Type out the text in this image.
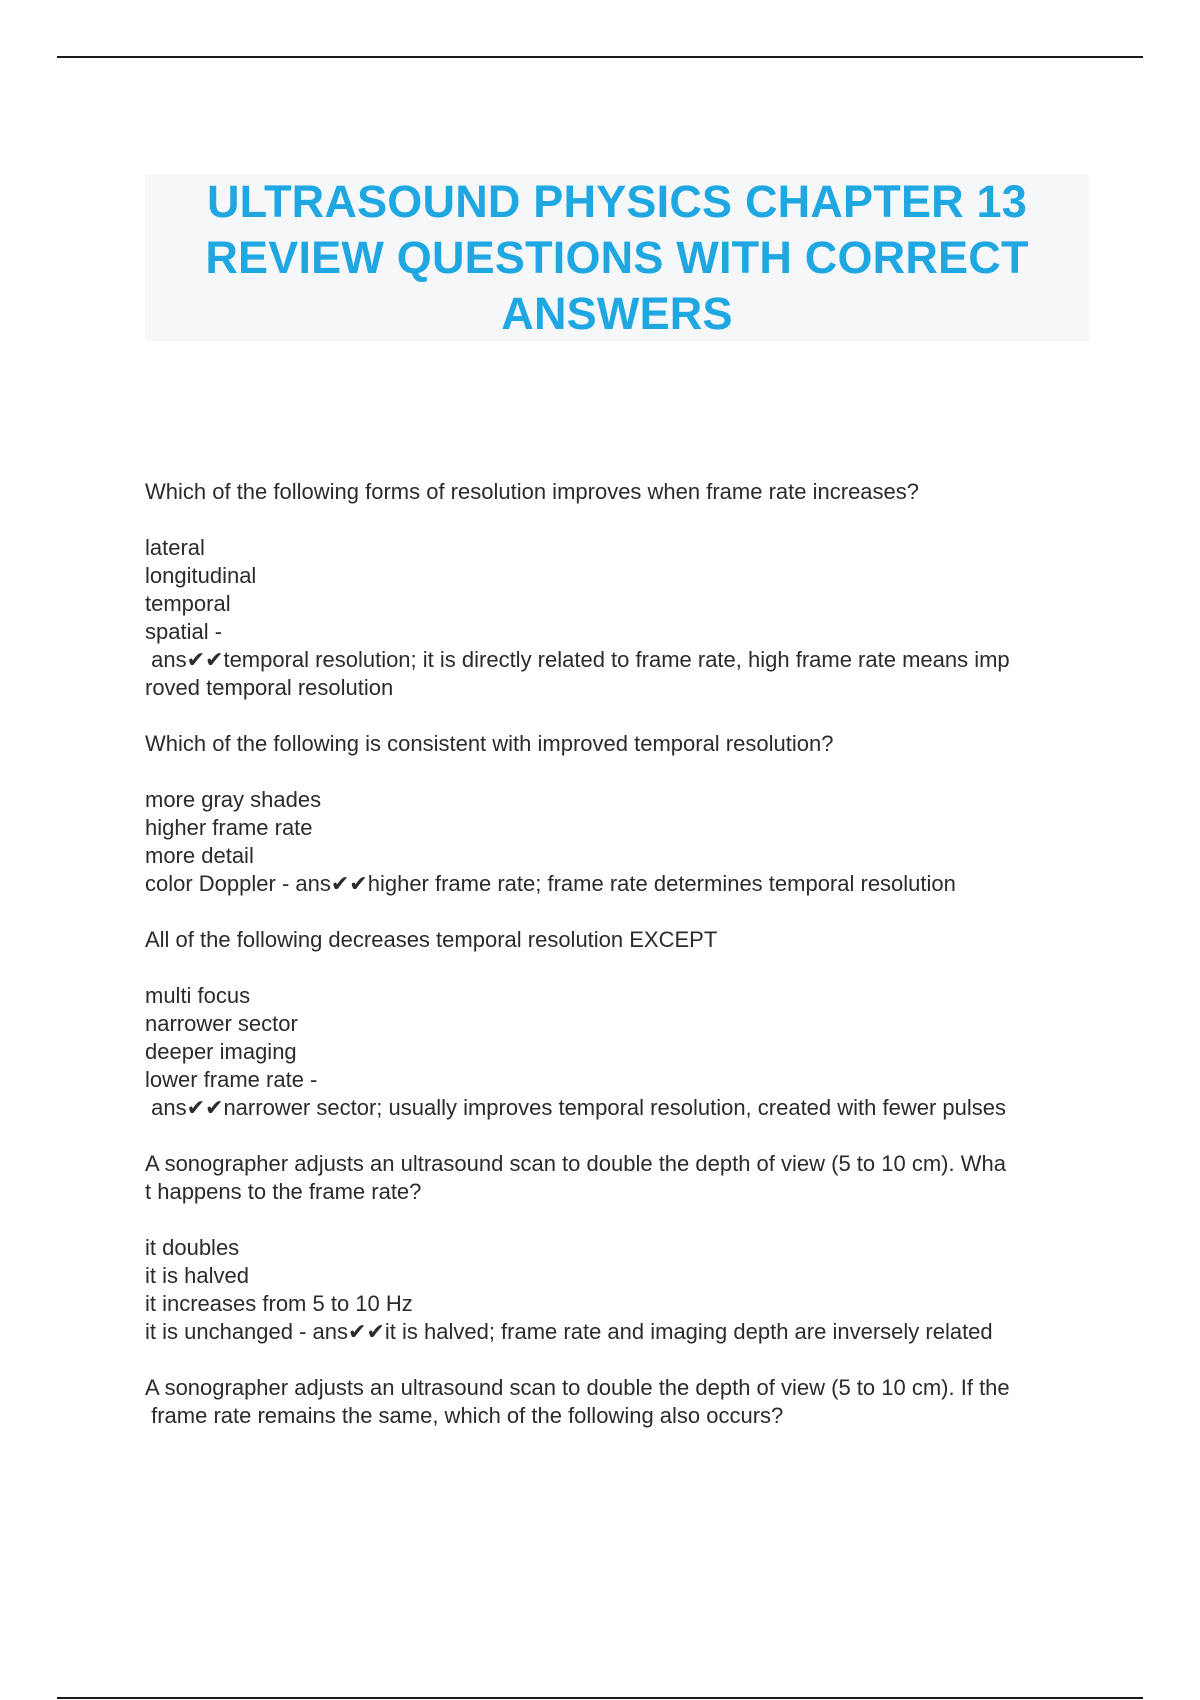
ULTRASOUND PHYSICS CHAPTER 13
REVIEW QUESTIONS WITH CORRECT
ANSWERS
Which of the following forms of resolution improves when frame rate increases?
lateral
longitudinal
temporal
spatial -
ans✔✔temporal resolution; it is directly related to frame rate, high frame rate means imp
roved temporal resolution
Which of the following is consistent with improved temporal resolution?
more gray shades
higher frame rate
more detail
color Doppler - ans✔✔higher frame rate; frame rate determines temporal resolution
All of the following decreases temporal resolution EXCEPT
multi focus
narrower sector
deeper imaging
lower frame rate -
ans✔✔narrower sector; usually improves temporal resolution, created with fewer pulses
A sonographer adjusts an ultrasound scan to double the depth of view (5 to 10 cm). Wha
t happens to the frame rate?
it doubles
it is halved
it increases from 5 to 10 Hz
it is unchanged - ans✔✔it is halved; frame rate and imaging depth are inversely related
A sonographer adjusts an ultrasound scan to double the depth of view (5 to 10 cm). If the
frame rate remains the same, which of the following also occurs?
